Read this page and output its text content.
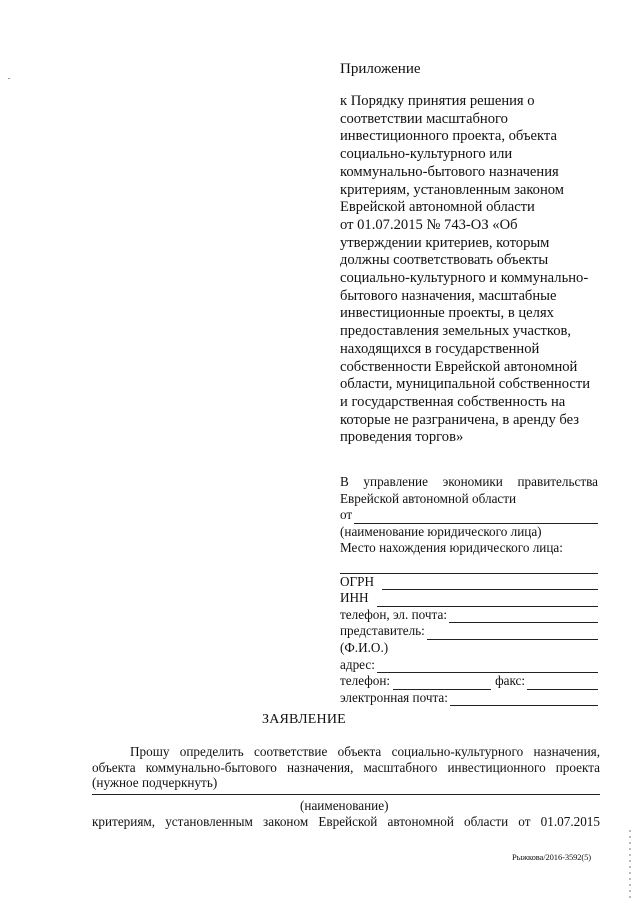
Приложение
к Порядку принятия решения о
соответствии масштабного
инвестиционного проекта, объекта
социально-культурного или
коммунально-бытового назначения
критериям, установленным законом
Еврейской автономной области
от 01.07.2015 № 743-ОЗ «Об
утверждении критериев, которым
должны соответствовать объекты
социально-культурного и коммунально-
бытового назначения, масштабные
инвестиционные проекты, в целях
предоставления земельных участков,
находящихся в государственной
собственности Еврейской автономной
области, муниципальной собственности
и государственная собственность на
которые не разграничена, в аренду без
проведения торгов»
В управление экономики правительства
Еврейской автономной области
от
(наименование юридического лица)
Место нахождения юридического лица:
ОГРН
ИНН
телефон, эл. почта:
представитель:
(Ф.И.О.)
адрес:
телефон:	факс:
электронная почта:
ЗАЯВЛЕНИЕ
Прошу определить соответствие объекта социально-культурного назначения,
объекта коммунально-бытового назначения, масштабного инвестиционного проекта
(нужное подчеркнуть)
(наименование)
критериям, установленным законом Еврейской автономной области от 01.07.2015
Рыжкова/2016-3592(5)
